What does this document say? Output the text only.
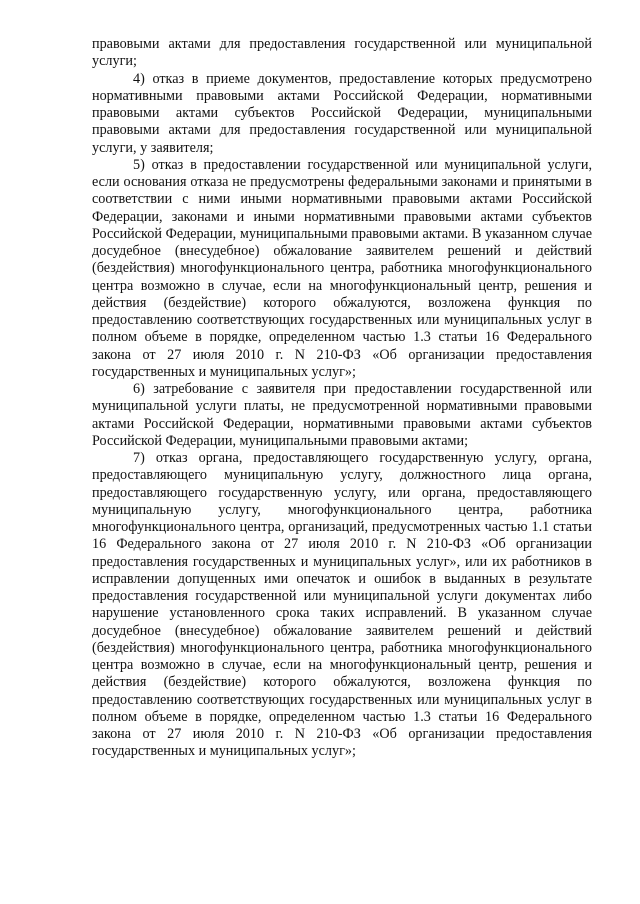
правовыми актами для предоставления государственной или муниципальной услуги;

4) отказ в приеме документов, предоставление которых предусмотрено нормативными правовыми актами Российской Федерации, нормативными правовыми актами субъектов Российской Федерации, муниципальными правовыми актами для предоставления государственной или муниципальной услуги, у заявителя;

5) отказ в предоставлении государственной или муниципальной услуги, если основания отказа не предусмотрены федеральными законами и принятыми в соответствии с ними иными нормативными правовыми актами Российской Федерации, законами и иными нормативными правовыми актами субъектов Российской Федерации, муниципальными правовыми актами. В указанном случае досудебное (внесудебное) обжалование заявителем решений и действий (бездействия) многофункционального центра, работника многофункционального центра возможно в случае, если на многофункциональный центр, решения и действия (бездействие) которого обжалуются, возложена функция по предоставлению соответствующих государственных или муниципальных услуг в полном объеме в порядке, определенном частью 1.3 статьи 16 Федерального закона от 27 июля 2010 г. N 210-ФЗ «Об организации предоставления государственных и муниципальных услуг»;

6) затребование с заявителя при предоставлении государственной или муниципальной услуги платы, не предусмотренной нормативными правовыми актами Российской Федерации, нормативными правовыми актами субъектов Российской Федерации, муниципальными правовыми актами;

7) отказ органа, предоставляющего государственную услугу, органа, предоставляющего муниципальную услугу, должностного лица органа, предоставляющего государственную услугу, или органа, предоставляющего муниципальную услугу, многофункционального центра, работника многофункционального центра, организаций, предусмотренных частью 1.1 статьи 16 Федерального закона от 27 июля 2010 г. N 210-ФЗ «Об организации предоставления государственных и муниципальных услуг», или их работников в исправлении допущенных ими опечаток и ошибок в выданных в результате предоставления государственной или муниципальной услуги документах либо нарушение установленного срока таких исправлений. В указанном случае досудебное (внесудебное) обжалование заявителем решений и действий (бездействия) многофункционального центра, работника многофункционального центра возможно в случае, если на многофункциональный центр, решения и действия (бездействие) которого обжалуются, возложена функция по предоставлению соответствующих государственных или муниципальных услуг в полном объеме в порядке, определенном частью 1.3 статьи 16 Федерального закона от 27 июля 2010 г. N 210-ФЗ «Об организации предоставления государственных и муниципальных услуг»;
